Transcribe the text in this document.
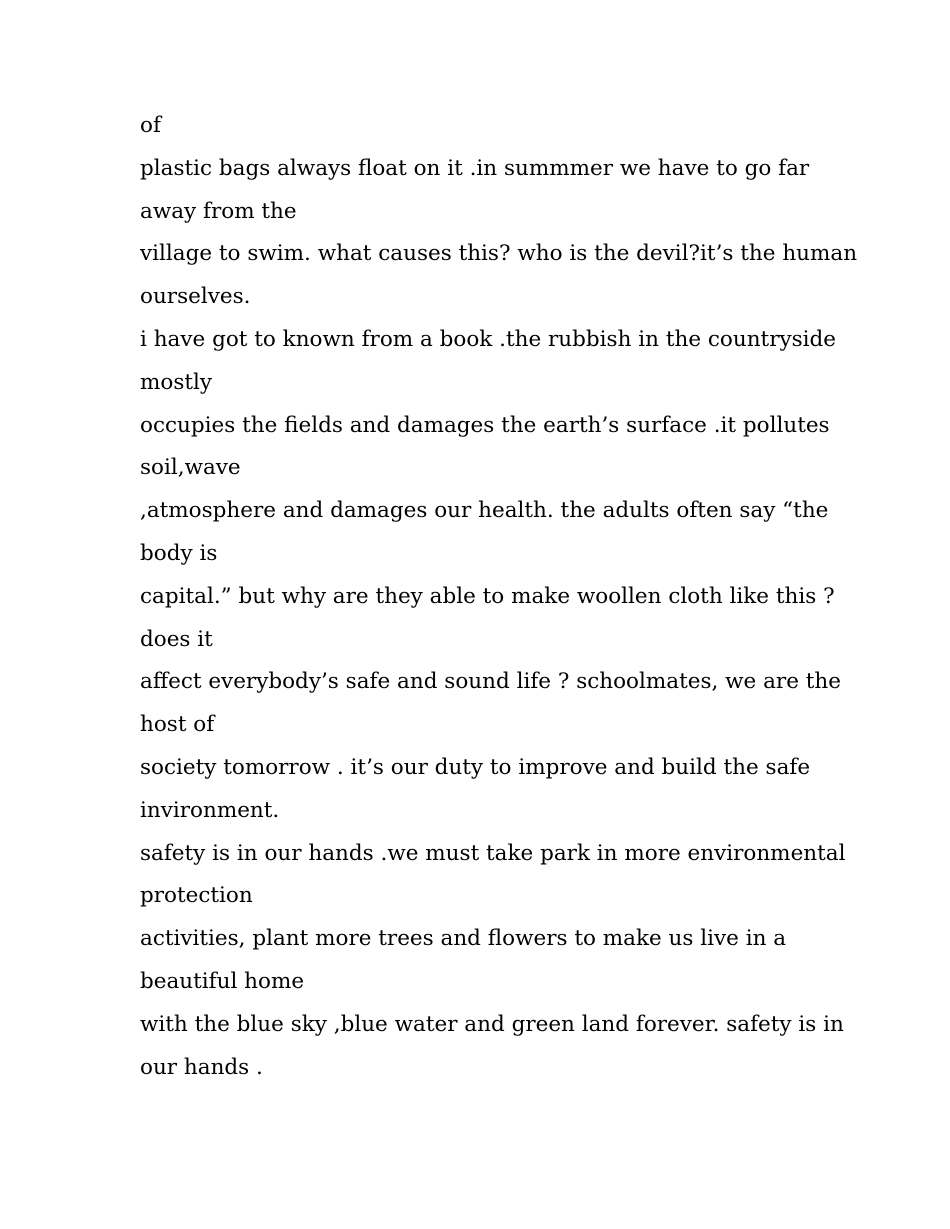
of
plastic bags always float on it .in summmer we have to go far
away from the
village to swim. what causes this? who is the devil?it’s the human
ourselves.
i have got to known from a book .the rubbish in the countryside
mostly
occupies the fields and damages the earth’s surface .it pollutes
soil,wave
,atmosphere and damages our health. the adults often say “the
body is
capital.” but why are they able to make woollen cloth like this ?
does it
affect everybody’s safe and sound life ? schoolmates, we are the
host of
society tomorrow . it’s our duty to improve and build the safe
invironment.
safety is in our hands .we must take park in more environmental
protection
activities, plant more trees and flowers to make us live in a
beautiful home
with the blue sky ,blue water and green land forever. safety is in
our hands .
